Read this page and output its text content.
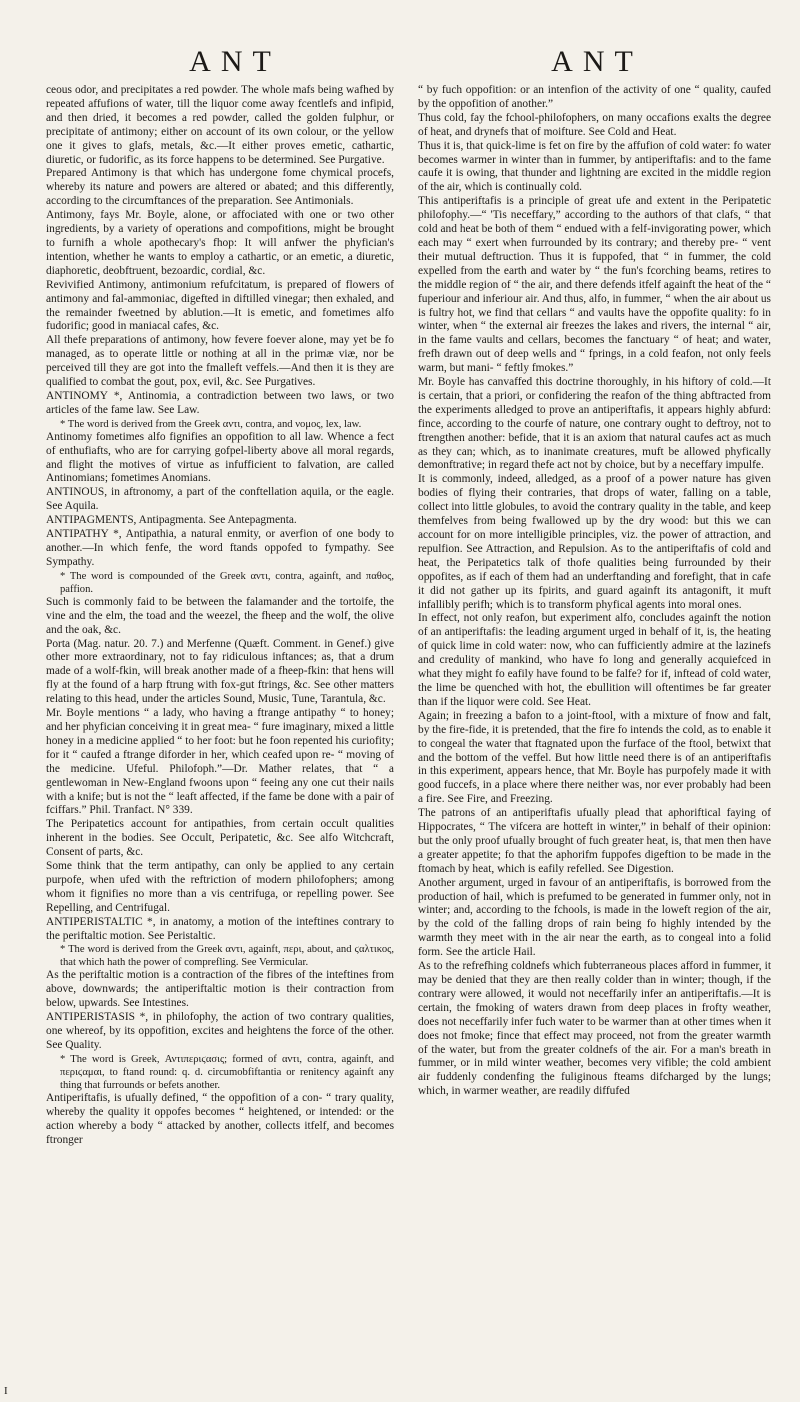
ANT	ANT

ceous odor, and precipitates a red powder. The whole mafs being wafhed by repeated affufions of water, till the liquor come away fcentlefs and infipid, and then dried, it becomes a red powder, called the golden fulphur, or precipitate of antimony; either on account of its own colour, or the yellow one it gives to glafs, metals, &c.—It either proves emetic, cathartic, diuretic, or fudorific, as its force happens to be determined. See Purgative.

Prepared Antimony is that which has undergone fome chymical procefs, whereby its nature and powers are altered or abated; and this differently, according to the circumftances of the preparation. See Antimonials.

Antimony, fays Mr. Boyle, alone, or affociated with one or two other ingredients, by a variety of operations and compofitions, might be brought to furnifh a whole apothecary's fhop: It will anfwer the phyfician's intention, whether he wants to employ a cathartic, or an emetic, a diuretic, diaphoretic, deobftruent, bezoardic, cordial, &c.

Revivified Antimony, antimonium refufcitatum, is prepared of flowers of antimony and fal-ammoniac, digefted in diftilled vinegar; then exhaled, and the remainder fweetned by ablution.—It is emetic, and fometimes alfo fudorific; good in maniacal cafes, &c.

All thefe preparations of antimony, how fevere foever alone, may yet be fo managed, as to operate little or nothing at all in the primæ viæ, nor be perceived till they are got into the fmalleft veffels.—And then it is they are qualified to combat the gout, pox, evil, &c. See Purgatives.

ANTINOMY *, Antinomia, a contradiction between two laws, or two articles of the fame law. See Law.

* The word is derived from the Greek αντι, contra, and νομος, lex, law.

Antinomy fometimes alfo fignifies an oppofition to all law. Whence a fect of enthufiafts, who are for carrying gofpel-liberty above all moral regards, and flight the motives of virtue as infufficient to falvation, are called Antinomians; fometimes Anomians.

ANTINOUS, in aftronomy, a part of the conftellation aquila, or the eagle. See Aquila.

ANTIPAGMENTS, Antipagmenta. See Antepagmenta.

ANTIPATHY *, Antipathia, a natural enmity, or averfion of one body to another.—In which fenfe, the word ftands oppofed to fympathy. See Sympathy.

* The word is compounded of the Greek αντι, contra, againft, and παθος, paffion.

Such is commonly faid to be between the falamander and the tortoife, the vine and the elm, the toad and the weezel, the fheep and the wolf, the olive and the oak, &c.

Porta (Mag. natur. 20. 7.) and Merfenne (Quæft. Comment. in Genef.) give other more extraordinary, not to fay ridiculous inftances; as, that a drum made of a wolf-fkin, will break another made of a fheep-fkin: that hens will fly at the found of a harp ftrung with fox-gut ftrings, &c. See other matters relating to this head, under the articles Sound, Music, Tune, Tarantula, &c.

Mr. Boyle mentions “ a lady, who having a ftrange antipathy “ to honey; and her phyfician conceiving it in great mea- “ fure imaginary, mixed a little honey in a medicine applied “ to her foot: but he foon repented his curiofity; for it “ caufed a ftrange diforder in her, which ceafed upon re- “ moving of the medicine. Ufeful. Philofoph.”—Dr. Mather relates, that “ a gentlewoman in New-England fwoons upon “ feeing any one cut their nails with a knife; but is not the “ leaft affected, if the fame be done with a pair of fciffars.” Phil. Tranfact. N° 339.

The Peripatetics account for antipathies, from certain occult qualities inherent in the bodies. See Occult, Peripatetic, &c. See alfo Witchcraft, Consent of parts, &c.

Some think that the term antipathy, can only be applied to any certain purpofe, when ufed with the reftriction of modern philofophers; among whom it fignifies no more than a vis centrifuga, or repelling power. See Repelling, and Centrifugal.

ANTIPERISTALTIC *, in anatomy, a motion of the inteftines contrary to the periftaltic motion. See Peristaltic.

* The word is derived from the Greek αντι, againft, περι, about, and ϛαλτικος, that which hath the power of comprefling. See Vermicular.

As the periftaltic motion is a contraction of the fibres of the inteftines from above, downwards; the antiperiftaltic motion is their contraction from below, upwards. See Intestines.

ANTIPERISTASIS *, in philofophy, the action of two contrary qualities, one whereof, by its oppofition, excites and heightens the force of the other. See Quality.

* The word is Greek, Αντιπεριϛασις; formed of αντι, contra, againft, and περιϛαμαι, to ftand round: q. d. circumobfiftantia or renitency againft any thing that furrounds or befets another.

Antiperiftafis, is ufually defined, “ the oppofition of a con- “ trary quality, whereby the quality it oppofes becomes “ heightened, or intended: or the action whereby a body “ attacked by another, collects itfelf, and becomes ftronger

“ by fuch oppofition: or an intenfion of the activity of one “ quality, caufed by the oppofition of another.”

Thus cold, fay the fchool-philofophers, on many occafions exalts the degree of heat, and drynefs that of moifture. See Cold and Heat.

Thus it is, that quick-lime is fet on fire by the affufion of cold water: fo water becomes warmer in winter than in fummer, by antiperiftafis: and to the fame caufe it is owing, that thunder and lightning are excited in the middle region of the air, which is continually cold.

This antiperiftafis is a principle of great ufe and extent in the Peripatetic philofophy.—“ 'Tis neceffary,” according to the authors of that clafs, “ that cold and heat be both of them “ endued with a felf-invigorating power, which each may “ exert when furrounded by its contrary; and thereby pre- “ vent their mutual deftruction. Thus it is fuppofed, that “ in fummer, the cold expelled from the earth and water by “ the fun's fcorching beams, retires to the middle region of “ the air, and there defends itfelf againft the heat of the “ fuperiour and inferiour air. And thus, alfo, in fummer, “ when the air about us is fultry hot, we find that cellars “ and vaults have the oppofite quality: fo in winter, when “ the external air freezes the lakes and rivers, the internal “ air, in the fame vaults and cellars, becomes the fanctuary “ of heat; and water, frefh drawn out of deep wells and “ fprings, in a cold feafon, not only feels warm, but mani- “ feftly fmokes.”

Mr. Boyle has canvaffed this doctrine thoroughly, in his hiftory of cold.—It is certain, that a priori, or confidering the reafon of the thing abftracted from the experiments alledged to prove an antiperiftafis, it appears highly abfurd: fince, according to the courfe of nature, one contrary ought to deftroy, not to ftrengthen another: befide, that it is an axiom that natural caufes act as much as they can; which, as to inanimate creatures, muft be allowed phyfically demonftrative; in regard thefe act not by choice, but by a neceffary impulfe.

It is commonly, indeed, alledged, as a proof of a power nature has given bodies of flying their contraries, that drops of water, falling on a table, collect into little globules, to avoid the contrary quality in the table, and keep themfelves from being fwallowed up by the dry wood: but this we can account for on more intelligible principles, viz. the power of attraction, and repulfion. See Attraction, and Repulsion. As to the antiperiftafis of cold and heat, the Peripatetics talk of thofe qualities being furrounded by their oppofites, as if each of them had an underftanding and forefight, that in cafe it did not gather up its fpirits, and guard againft its antagonift, it muft infallibly perifh; which is to transform phyfical agents into moral ones.

In effect, not only reafon, but experiment alfo, concludes againft the notion of an antiperiftafis: the leading argument urged in behalf of it, is, the heating of quick lime in cold water: now, who can fufficiently admire at the lazinefs and credulity of mankind, who have fo long and generally acquiefced in what they might fo eafily have found to be falfe? for if, inftead of cold water, the lime be quenched with hot, the ebullition will oftentimes be far greater than if the liquor were cold. See Heat.

Again; in freezing a bafon to a joint-ftool, with a mixture of fnow and falt, by the fire-fide, it is pretended, that the fire fo intends the cold, as to enable it to congeal the water that ftagnated upon the furface of the ftool, betwixt that and the bottom of the veffel. But how little need there is of an antiperiftafis in this experiment, appears hence, that Mr. Boyle has purpofely made it with good fuccefs, in a place where there neither was, nor ever probably had been a fire. See Fire, and Freezing.

The patrons of an antiperiftafis ufually plead that aphoriftical faying of Hippocrates, “ The vifcera are hotteft in winter,” in behalf of their opinion: but the only proof ufually brought of fuch greater heat, is, that men then have a greater appetite; fo that the aphorifm fuppofes digeftion to be made in the ftomach by heat, which is eafily refelled. See Digestion.

Another argument, urged in favour of an antiperiftafis, is borrowed from the production of hail, which is prefumed to be generated in fummer only, not in winter; and, according to the fchools, is made in the loweft region of the air, by the cold of the falling drops of rain being fo highly intended by the warmth they meet with in the air near the earth, as to congeal into a folid form. See the article Hail.

As to the refrefhing coldnefs which fubterraneous places afford in fummer, it may be denied that they are then really colder than in winter; though, if the contrary were allowed, it would not neceffarily infer an antiperiftafis.—It is certain, the fmoking of waters drawn from deep places in frofty weather, does not neceffarily infer fuch water to be warmer than at other times when it does not fmoke; fince that effect may proceed, not from the greater warmth of the water, but from the greater coldnefs of the air. For a man's breath in fummer, or in mild winter weather, becomes very vifible; the cold ambient air fuddenly condenfing the fuliginous fteams difcharged by the lungs; which, in warmer weather, are readily diffufed

I
